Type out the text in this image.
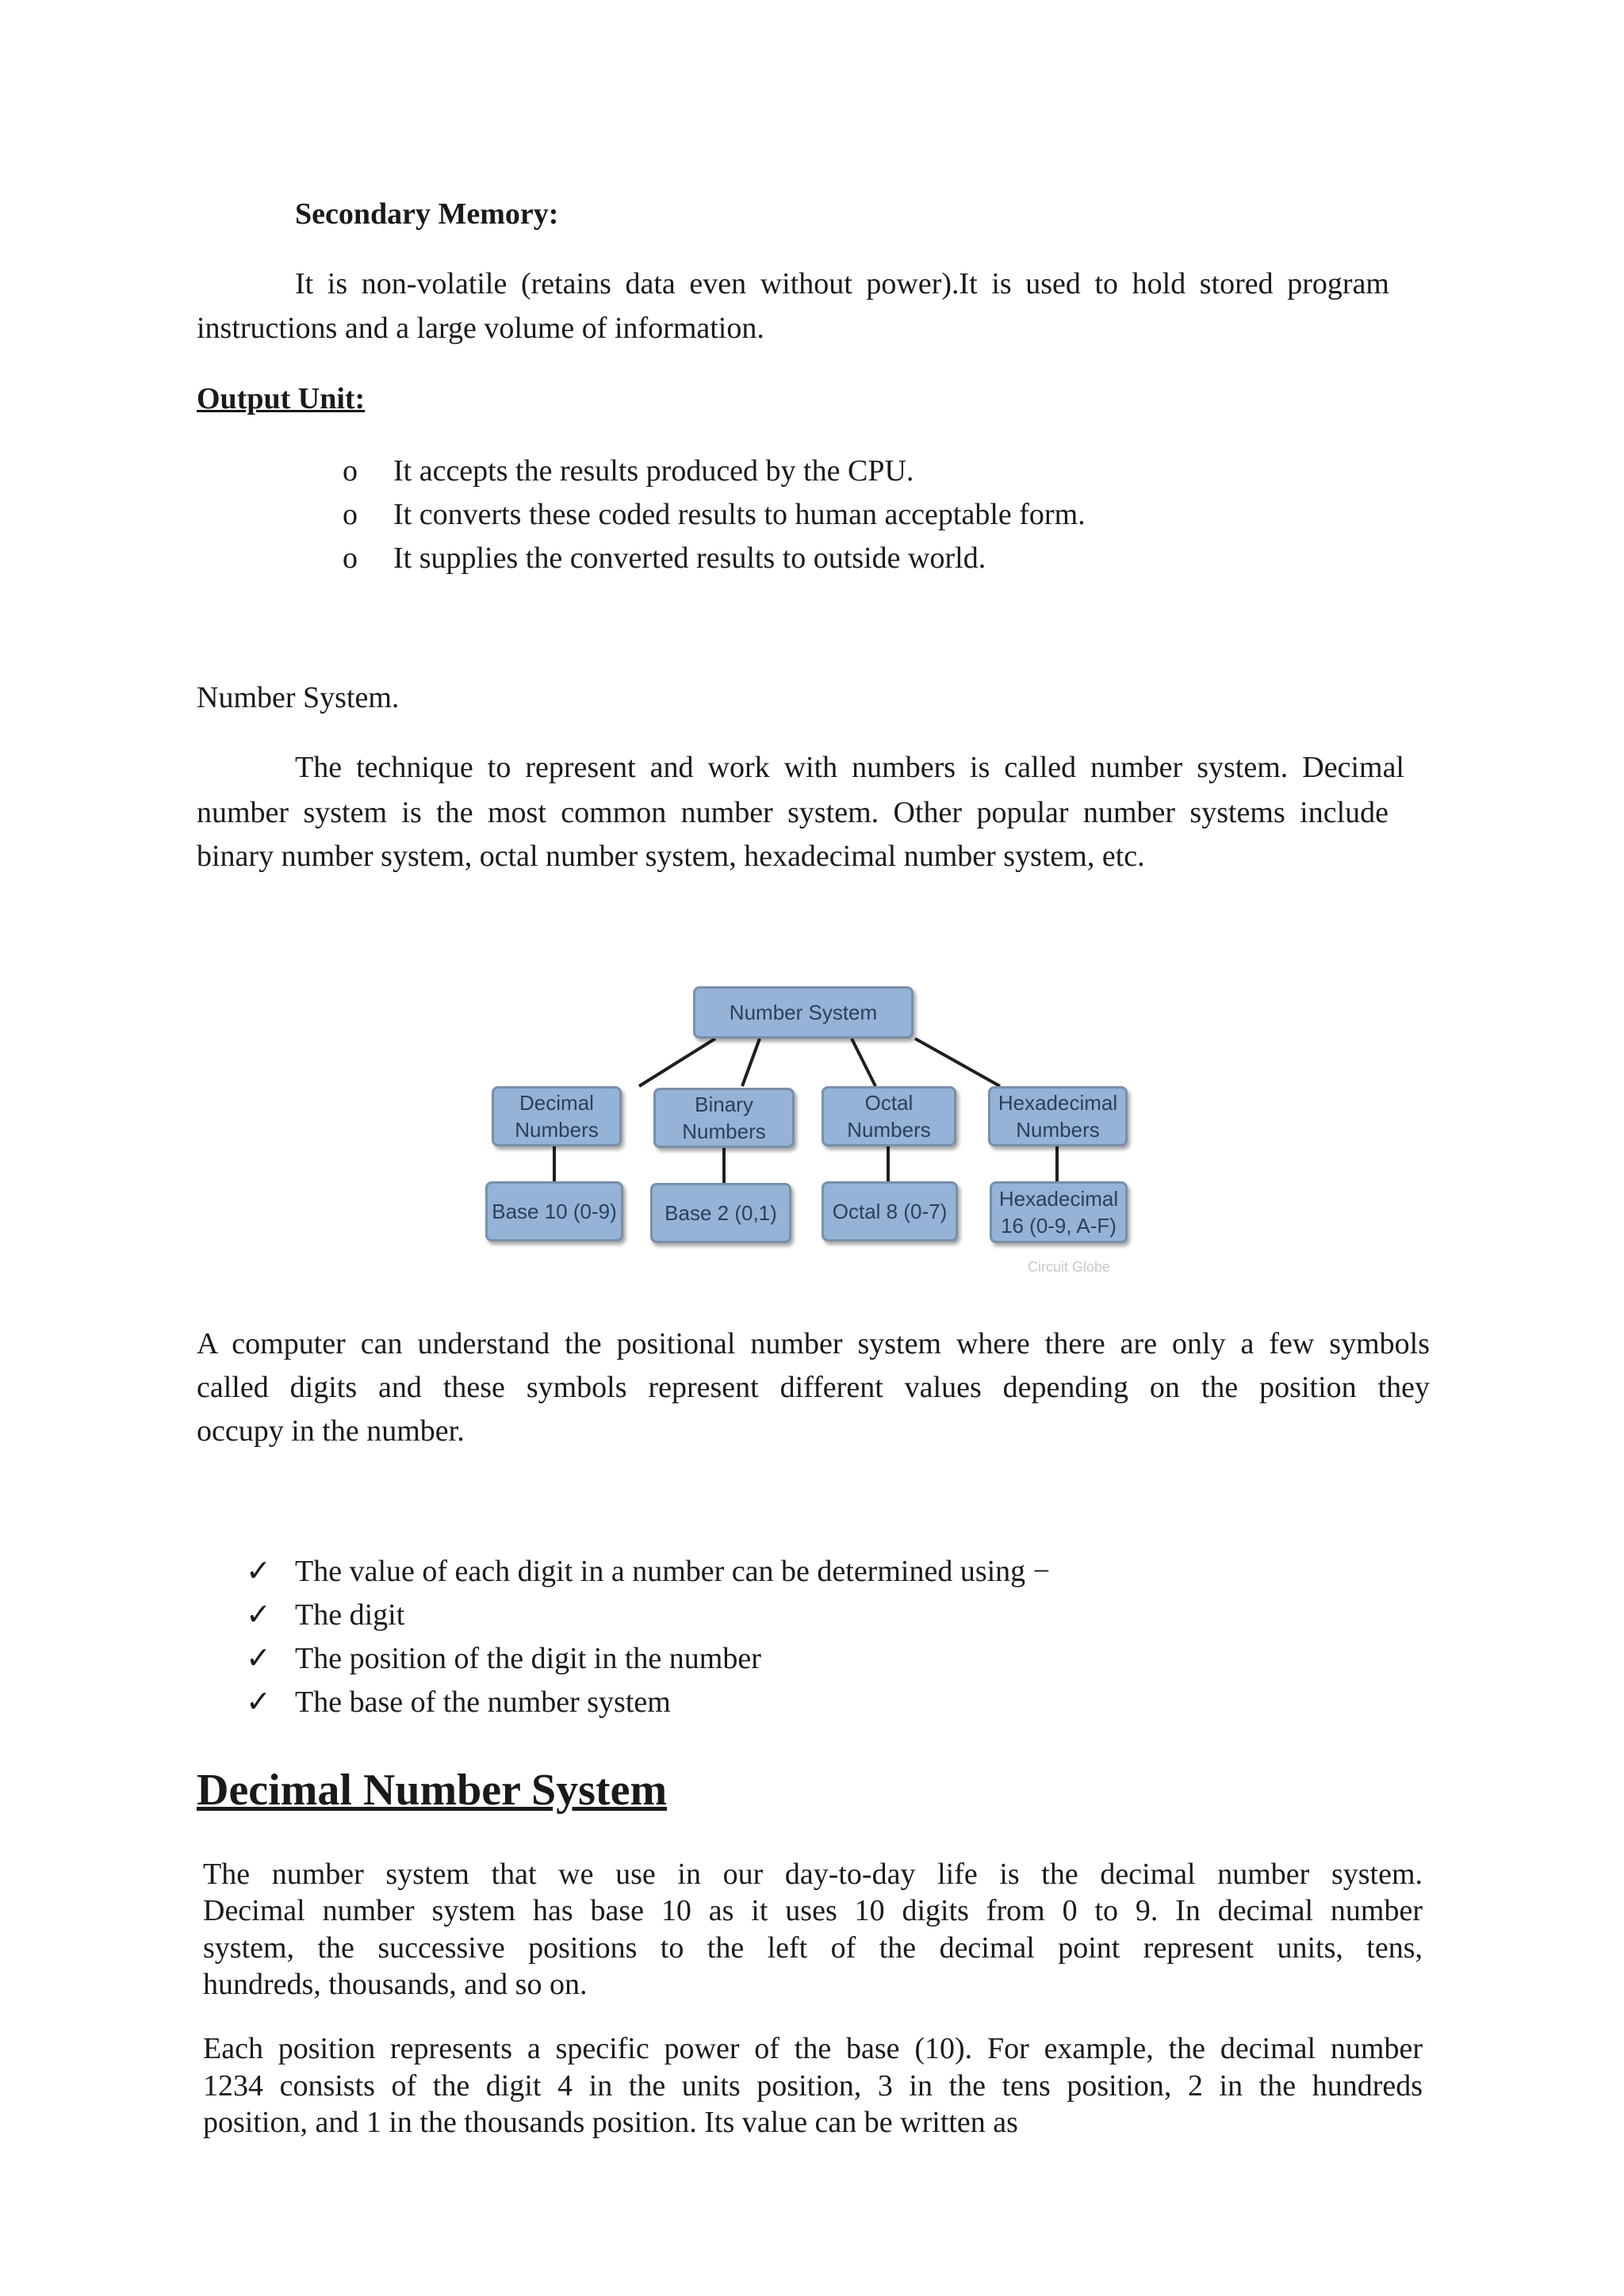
Secondary Memory:
It is non-volatile (retains data even without power).It is used to hold stored program
instructions and a large volume of information.
Output Unit:
o It accepts the results produced by the CPU.
o It converts these coded results to human acceptable form.
o It supplies the converted results to outside world.
Number System.
The technique to represent and work with numbers is called number system. Decimal
number system is the most common number system. Other popular number systems include
binary number system, octal number system, hexadecimal number system, etc.
Number System
Decimal
Numbers
Binary
Numbers
Octal
Numbers
Hexadecimal
Numbers
Base 10 (0-9)	Base 2 (0,1)	Octal 8 (0-7)
Hexadecimal
16 (0-9, A-F)
Circuit Globe
A computer can understand the positional number system where there are only a few symbols
called digits and these symbols represent different values depending on the position they
occupy in the number.
✓ The value of each digit in a number can be determined using −
✓ The digit
✓ The position of the digit in the number
✓ The base of the number system
Decimal Number System
The number system that we use in our day-to-day life is the decimal number system.
Decimal number system has base 10 as it uses 10 digits from 0 to 9. In decimal number
system, the successive positions to the left of the decimal point represent units, tens,
hundreds, thousands, and so on.
Each position represents a specific power of the base (10). For example, the decimal number
1234 consists of the digit 4 in the units position, 3 in the tens position, 2 in the hundreds
position, and 1 in the thousands position. Its value can be written as
